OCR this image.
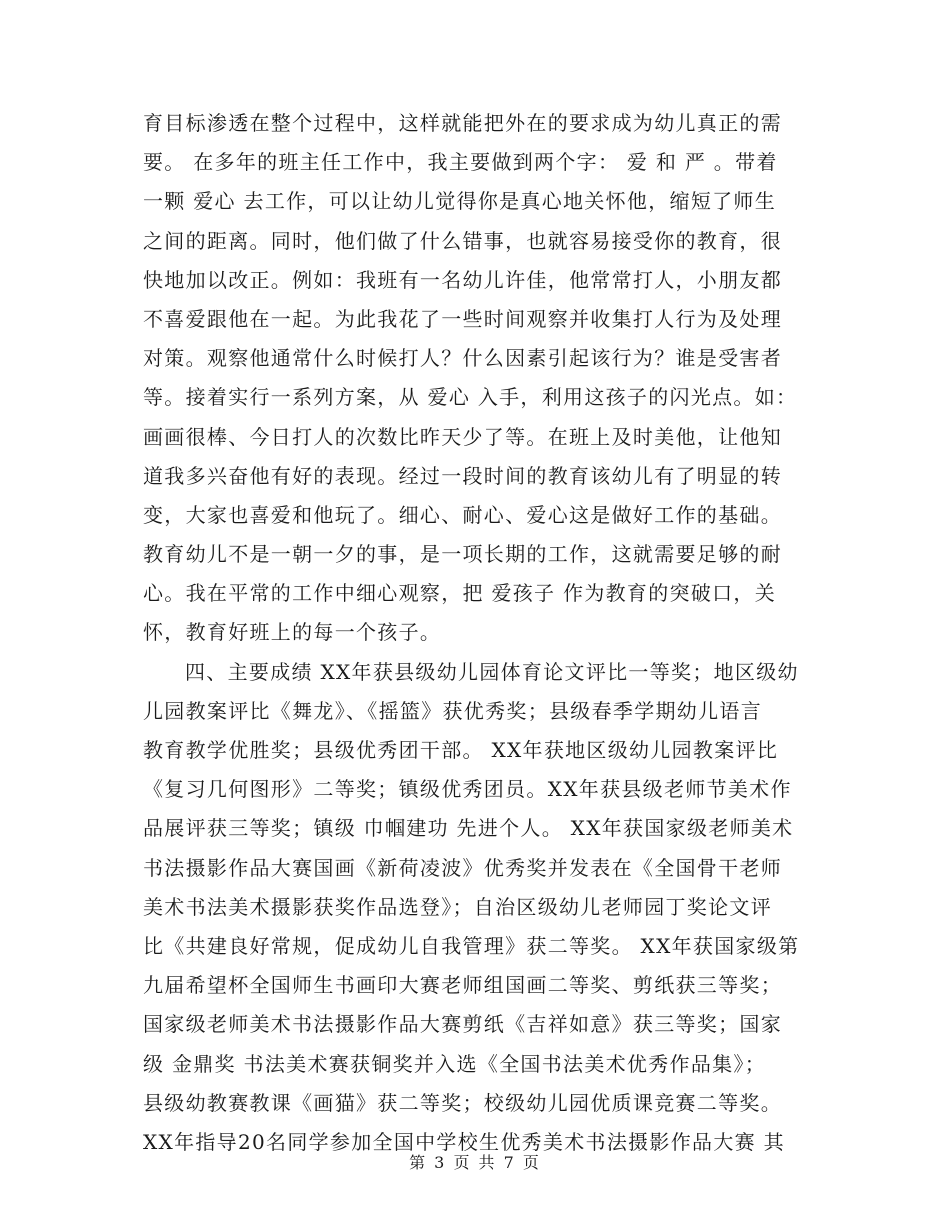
育目标渗透在整个过程中，这样就能把外在的要求成为幼儿真正的需
要。 在多年的班主任工作中，我主要做到两个字： 爱 和 严 。带着
一颗 爱心 去工作，可以让幼儿觉得你是真心地关怀他，缩短了师生
之间的距离。同时，他们做了什么错事，也就容易接受你的教育，很
快地加以改正。例如：我班有一名幼儿许佳，他常常打人，小朋友都
不喜爱跟他在一起。为此我花了一些时间观察并收集打人行为及处理
对策。观察他通常什么时候打人？什么因素引起该行为？谁是受害者
等。接着实行一系列方案，从 爱心 入手，利用这孩子的闪光点。如：
画画很棒、今日打人的次数比昨天少了等。在班上及时美他，让他知
道我多兴奋他有好的表现。经过一段时间的教育该幼儿有了明显的转
变，大家也喜爱和他玩了。细心、耐心、爱心这是做好工作的基础。
教育幼儿不是一朝一夕的事，是一项长期的工作，这就需要足够的耐
心。我在平常的工作中细心观察，把 爱孩子 作为教育的突破口，关
怀，教育好班上的每一个孩子。
四、主要成绩 XX年获县级幼儿园体育论文评比一等奖；地区级幼
儿园教案评比《舞龙》、《摇篮》获优秀奖；县级春季学期幼儿语言
教育教学优胜奖；县级优秀团干部。 XX年获地区级幼儿园教案评比
《复习几何图形》二等奖；镇级优秀团员。XX年获县级老师节美术作
品展评获三等奖；镇级 巾帼建功 先进个人。 XX年获国家级老师美术
书法摄影作品大赛国画《新荷凌波》优秀奖并发表在《全国骨干老师
美术书法美术摄影获奖作品选登》；自治区级幼儿老师园丁奖论文评
比《共建良好常规，促成幼儿自我管理》获二等奖。 XX年获国家级第
九届希望杯全国师生书画印大赛老师组国画二等奖、剪纸获三等奖；
国家级老师美术书法摄影作品大赛剪纸《吉祥如意》获三等奖；国家
级 金鼎奖 书法美术赛获铜奖并入选《全国书法美术优秀作品集》；
县级幼教赛教课《画猫》获二等奖；校级幼儿园优质课竞赛二等奖。
XX年指导20名同学参加全国中学校生优秀美术书法摄影作品大赛 其
第 3 页 共 7 页
